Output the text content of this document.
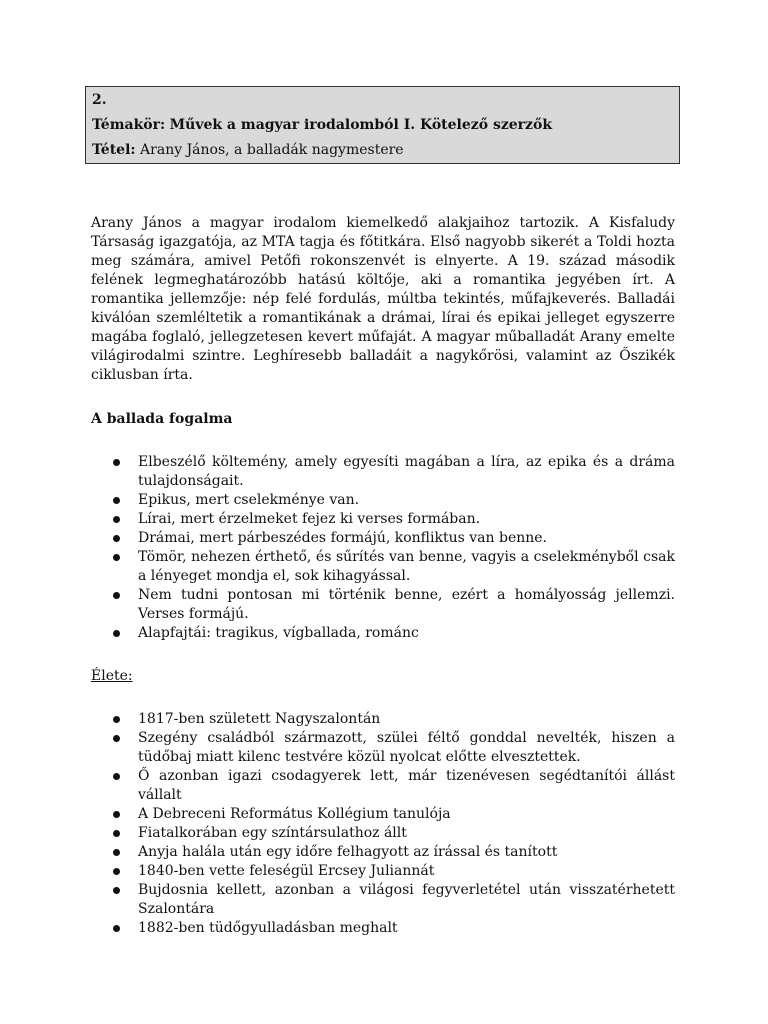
2.
Témakör: Művek a magyar irodalomból I. Kötelező szerzők
Tétel: Arany János, a balladák nagymestere

Arany János a magyar irodalom kiemelkedő alakjaihoz tartozik. A Kisfaludy Társaság igazgatója, az MTA tagja és főtitkára. Első nagyobb sikerét a Toldi hozta meg számára, amivel Petőfi rokonszenvét is elnyerte. A 19. század második felének legmeghatározóbb hatású költője, aki a romantika jegyében írt. A romantika jellemzője: nép felé fordulás, múltba tekintés, műfajkeverés. Balladái kiválóan szemléltetik a romantikának a drámai, lírai és epikai jelleget egyszerre magába foglaló, jellegzetesen kevert műfaját. A magyar műballadát Arany emelte világirodalmi szintre. Leghíresebb balladáit a nagykőrösi, valamint az Őszikék ciklusban írta.

A ballada fogalma
Elbeszélő költemény, amely egyesíti magában a líra, az epika és a dráma tulajdonságait.
Epikus, mert cselekménye van.
Lírai, mert érzelmeket fejez ki verses formában.
Drámai, mert párbeszédes formájú, konfliktus van benne.
Tömör, nehezen érthető, és sűrítés van benne, vagyis a cselekményből csak a lényeget mondja el, sok kihagyással.
Nem tudni pontosan mi történik benne, ezért a homályosság jellemzi. Verses formájú.
Alapfajtái: tragikus, vígballada, románc
Élete:
1817-ben született Nagyszalontán
Szegény családból származott, szülei féltő gonddal nevelték, hiszen a tüdőbaj miatt kilenc testvére közül nyolcat előtte elvesztettek.
Ő azonban igazi csodagyerek lett, már tizenévesen segédtanítói állást vállalt
A Debreceni Református Kollégium tanulója
Fiatalkorában egy színtársulathoz állt
Anyja halála után egy időre felhagyott az írással és tanított
1840-ben vette feleségül Ercsey Juliannát
Bujdosnia kellett, azonban a világosi fegyverletétel után visszatérhetett Szalontára
1882-ben tüdőgyulladásban meghalt
